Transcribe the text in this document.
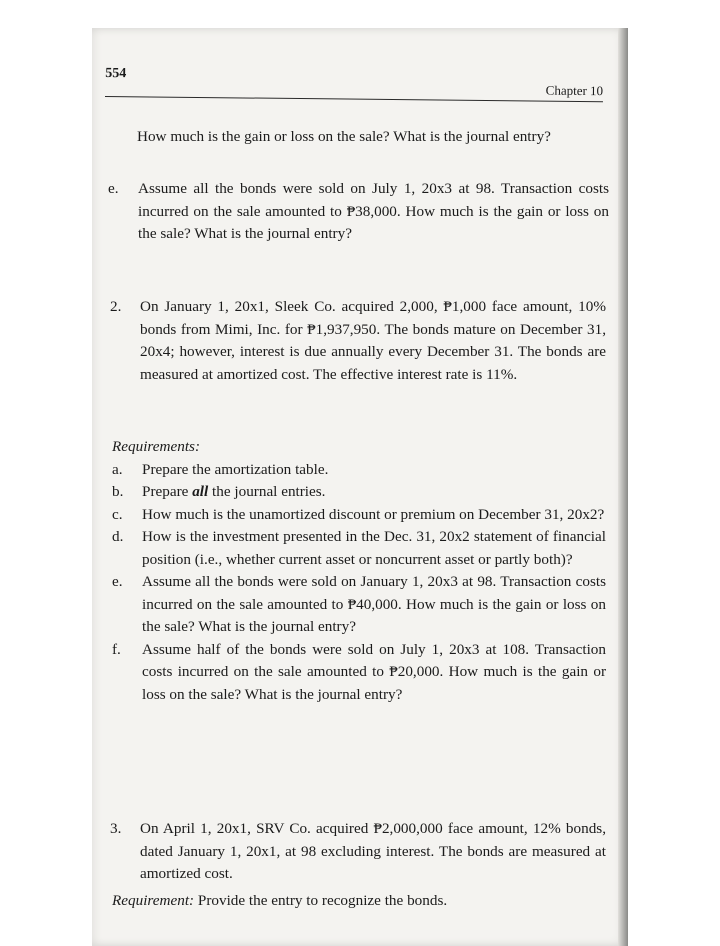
554
Chapter 10

How much is the gain or loss on the sale? What is the journal entry?

e. Assume all the bonds were sold on July 1, 20x3 at 98. Transaction costs incurred on the sale amounted to ₱38,000. How much is the gain or loss on the sale? What is the journal entry?

2. On January 1, 20x1, Sleek Co. acquired 2,000, ₱1,000 face amount, 10% bonds from Mimi, Inc. for ₱1,937,950. The bonds mature on December 31, 20x4; however, interest is due annually every December 31. The bonds are measured at amortized cost. The effective interest rate is 11%.

Requirements:

a. Prepare the amortization table.

b. Prepare all the journal entries.

c. How much is the unamortized discount or premium on December 31, 20x2?

d. How is the investment presented in the Dec. 31, 20x2 statement of financial position (i.e., whether current asset or noncurrent asset or partly both)?

e. Assume all the bonds were sold on January 1, 20x3 at 98. Transaction costs incurred on the sale amounted to ₱40,000. How much is the gain or loss on the sale? What is the journal entry?

f. Assume half of the bonds were sold on July 1, 20x3 at 108. Transaction costs incurred on the sale amounted to ₱20,000. How much is the gain or loss on the sale? What is the journal entry?

3. On April 1, 20x1, SRV Co. acquired ₱2,000,000 face amount, 12% bonds, dated January 1, 20x1, at 98 excluding interest. The bonds are measured at amortized cost.

Requirement: Provide the entry to recognize the bonds.
